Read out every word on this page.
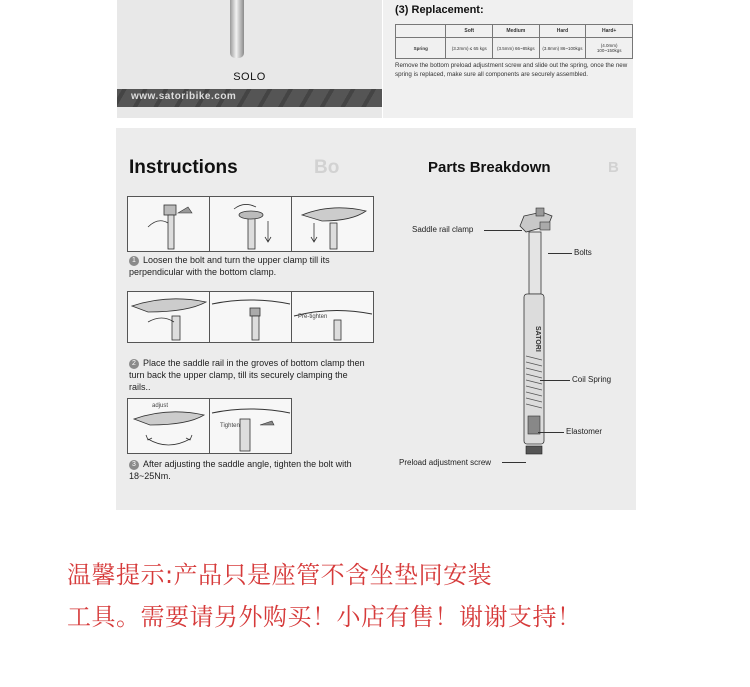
SOLO
www.satoribike.com
(3) Replacement:
	Soft	Medium	Hard	Hard+
Spring	(3.2mm) ≤ 65 kgs	(3.5mm) 66~85kgs	(3.8mm) 86~100kgs	(4.0mm) 100~150kgs
Remove the bottom preload adjustment screw and slide out the spring, once the new spring is replaced, make sure all components are securely assembled.
Instructions	Bo	Parts Breakdown	B
1 Loosen the bolt and turn the upper clamp till its perpendicular with the bottom clamp.
Pre-tighten
2 Place the saddle rail in the groves of bottom clamp then turn back the upper clamp, till its securely clamping the rails..
adjust
Tighten
3 After adjusting the saddle angle, tighten the bolt with 18~25Nm.
SATORI
Saddle rail clamp
Bolts
Coil Spring
Elastomer
Preload adjustment screw
温馨提示:产品只是座管不含坐垫同安装
工具。需要请另外购买！小店有售！谢谢支持！
